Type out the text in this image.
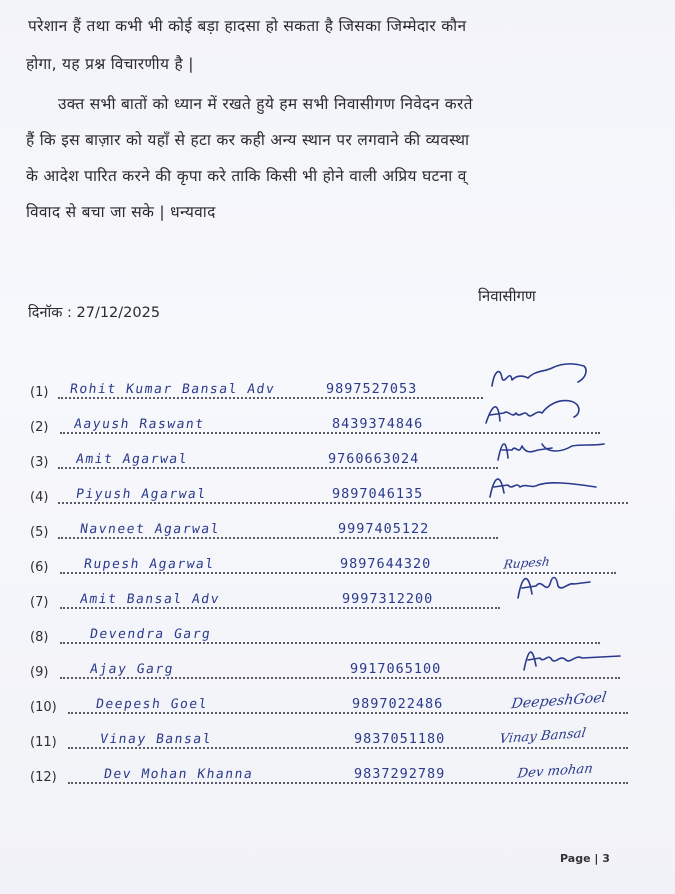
परेशान हैं तथा कभी भी कोई बड़ा हादसा हो सकता है जिसका जिम्मेदार कौन

होगा, यह प्रश्न विचारणीय है |

उक्त सभी बातों को ध्यान में रखते हुये हम सभी निवासीगण निवेदन करते

हैं कि इस बाज़ार को यहाँ से हटा कर कही अन्य स्थान पर लगवाने की व्यवस्था

के आदेश पारित करने की कृपा करे ताकि किसी भी होने वाली अप्रिय घटना व्

विवाद से बचा जा सके | धन्यवाद

निवासीगण
दिनॉक : 27/12/2025
(1) Rohit Kumar Bansal Adv	9897527053
(2) Aayush Raswant	8439374846
(3) Amit Agarwal	9760663024
(4) Piyush Agarwal	9897046135
(5) Navneet Agarwal	9997405122
(6)	Rupesh Agarwal	9897644320	Rupesh
(7) Amit Bansal Adv	9997312200
(8)	Devendra Garg
(9)	Ajay Garg	9917065100
(10)	Deepesh Goel	9897022486	DeepeshGoel
(11)	Vinay Bansal	9837051180	Vinay Bansal
(12)	Dev Mohan Khanna	9837292789	Dev mohan
Page | 3
